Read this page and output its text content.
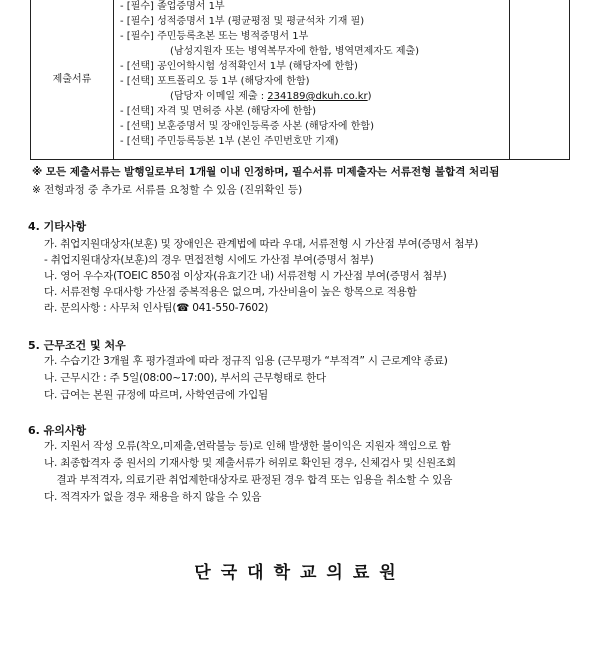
제출서류
- [필수] 졸업증명서 1부
- [필수] 성적증명서 1부 (평균평점 및 평균석차 기재 필)
- [필수] 주민등록초본 또는 병적증명서 1부
(남성지원자 또는 병역복무자에 한함, 병역면제자도 제출)
- [선택] 공인어학시험 성적확인서 1부 (해당자에 한함)
- [선택] 포트폴리오 등 1부 (해당자에 한함)
(담당자 이메일 제출 : 234189@dkuh.co.kr)
- [선택] 자격 및 면허증 사본 (해당자에 한함)
- [선택] 보훈증명서 및 장애인등록증 사본 (해당자에 한함)
- [선택] 주민등록등본 1부 (본인 주민번호만 기재)
※ 모든 제출서류는 발행일로부터 1개월 이내 인정하며, 필수서류 미제출자는 서류전형 불합격 처리됨
※ 전형과정 중 추가로 서류를 요청할 수 있음 (진위확인 등)
4. 기타사항
가. 취업지원대상자(보훈) 및 장애인은 관계법에 따라 우대, 서류전형 시 가산점 부여(증명서 첨부)
- 취업지원대상자(보훈)의 경우 면접전형 시에도 가산점 부여(증명서 첨부)
나. 영어 우수자(TOEIC 850점 이상자(유효기간 내) 서류전형 시 가산점 부여(증명서 첨부)
다. 서류전형 우대사항 가산점 중복적용은 없으며, 가산비율이 높은 항목으로 적용함
라. 문의사항 : 사무처 인사팀(☎ 041-550-7602)
5. 근무조건 및 처우
가. 수습기간 3개월 후 평가결과에 따라 정규직 임용 (근무평가 “부적격” 시 근로계약 종료)
나. 근무시간 : 주 5일(08:00~17:00), 부서의 근무형태로 한다
다. 급여는 본원 규정에 따르며, 사학연금에 가입됨
6. 유의사항
가. 지원서 작성 오류(착오,미제출,연락불능 등)로 인해 발생한 불이익은 지원자 책임으로 함
나. 최종합격자 중 원서의 기재사항 및 제출서류가 허위로 확인된 경우, 신체검사 및 신원조회
결과 부적격자, 의료기관 취업제한대상자로 판정된 경우 합격 또는 임용을 취소할 수 있음
다. 적격자가 없을 경우 채용을 하지 않을 수 있음
단국대학교의료원
